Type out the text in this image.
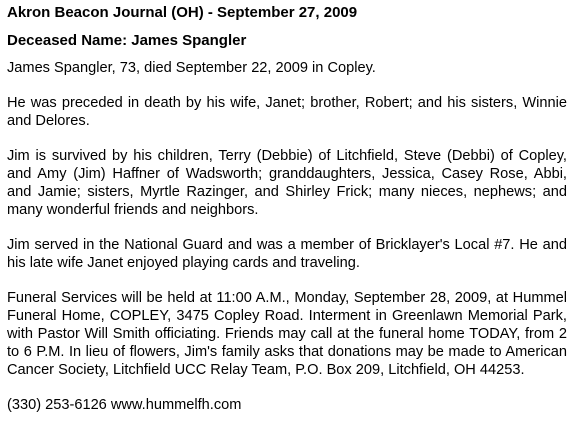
Akron Beacon Journal (OH) - September 27, 2009

Deceased Name: James Spangler

James Spangler, 73, died September 22, 2009 in Copley.

He was preceded in death by his wife, Janet; brother, Robert; and his sisters, Winnie and Delores.

Jim is survived by his children, Terry (Debbie) of Litchfield, Steve (Debbi) of Copley, and Amy (Jim) Haffner of Wadsworth; granddaughters, Jessica, Casey Rose, Abbi, and Jamie; sisters, Myrtle Razinger, and Shirley Frick; many nieces, nephews; and many wonderful friends and neighbors.

Jim served in the National Guard and was a member of Bricklayer's Local #7. He and his late wife Janet enjoyed playing cards and traveling.

Funeral Services will be held at 11:00 A.M., Monday, September 28, 2009, at Hummel Funeral Home, COPLEY, 3475 Copley Road. Interment in Greenlawn Memorial Park, with Pastor Will Smith officiating. Friends may call at the funeral home TODAY, from 2 to 6 P.M. In lieu of flowers, Jim's family asks that donations may be made to American Cancer Society, Litchfield UCC Relay Team, P.O. Box 209, Litchfield, OH 44253.

(330) 253-6126 www.hummelfh.com
